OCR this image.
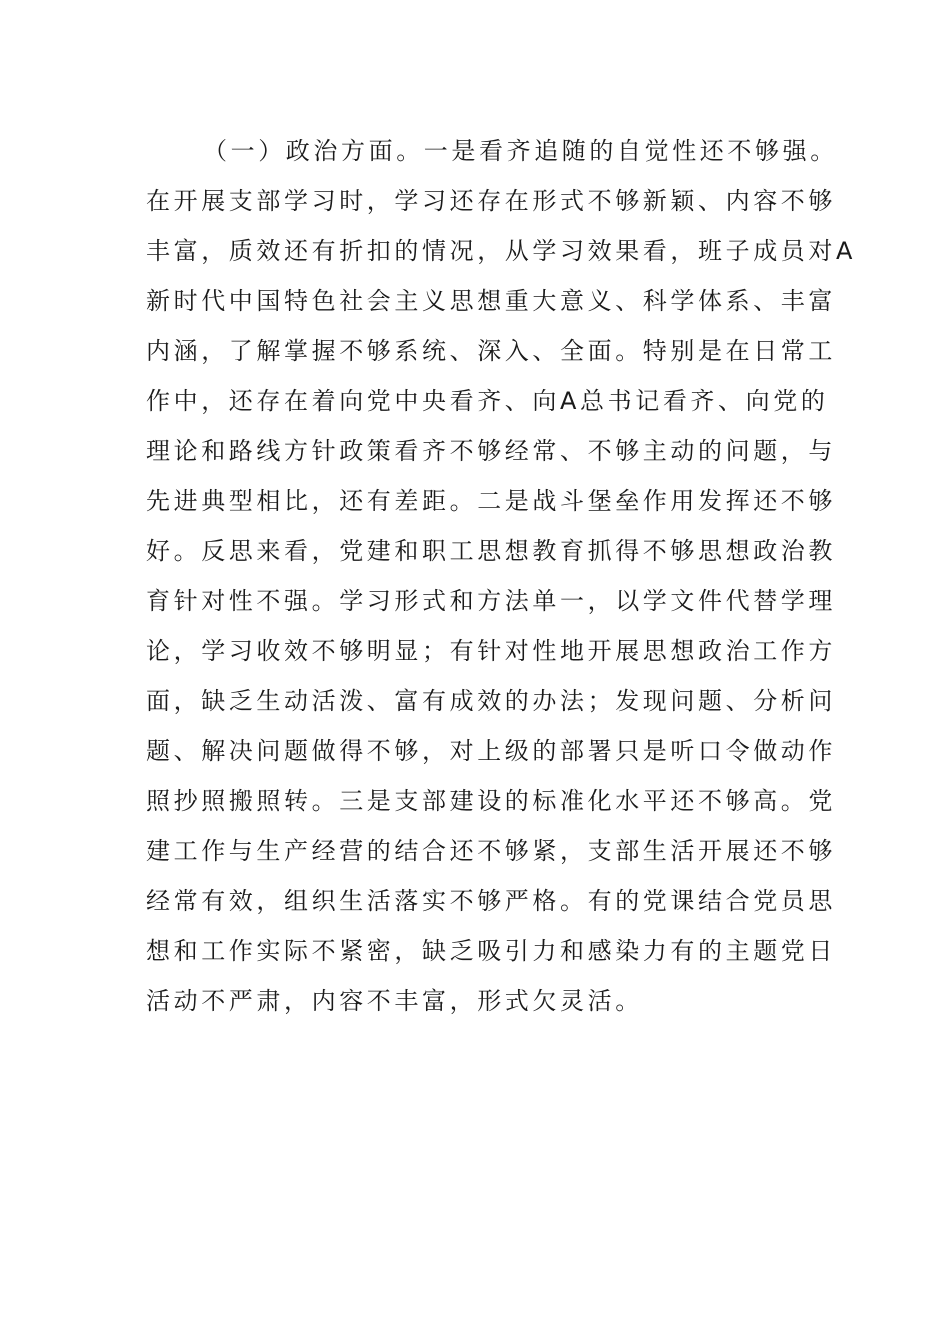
（一）政治方面。一是看齐追随的自觉性还不够强。
在开展支部学习时，学习还存在形式不够新颖、内容不够
丰富，质效还有折扣的情况，从学习效果看，班子成员对A
新时代中国特色社会主义思想重大意义、科学体系、丰富
内涵，了解掌握不够系统、深入、全面。特别是在日常工
作中，还存在着向党中央看齐、向A总书记看齐、向党的
理论和路线方针政策看齐不够经常、不够主动的问题，与
先进典型相比，还有差距。二是战斗堡垒作用发挥还不够
好。反思来看，党建和职工思想教育抓得不够思想政治教
育针对性不强。学习形式和方法单一，以学文件代替学理
论，学习收效不够明显；有针对性地开展思想政治工作方
面，缺乏生动活泼、富有成效的办法；发现问题、分析问
题、解决问题做得不够，对上级的部署只是听口令做动作
照抄照搬照转。三是支部建设的标准化水平还不够高。党
建工作与生产经营的结合还不够紧，支部生活开展还不够
经常有效，组织生活落实不够严格。有的党课结合党员思
想和工作实际不紧密，缺乏吸引力和感染力有的主题党日
活动不严肃，内容不丰富，形式欠灵活。
